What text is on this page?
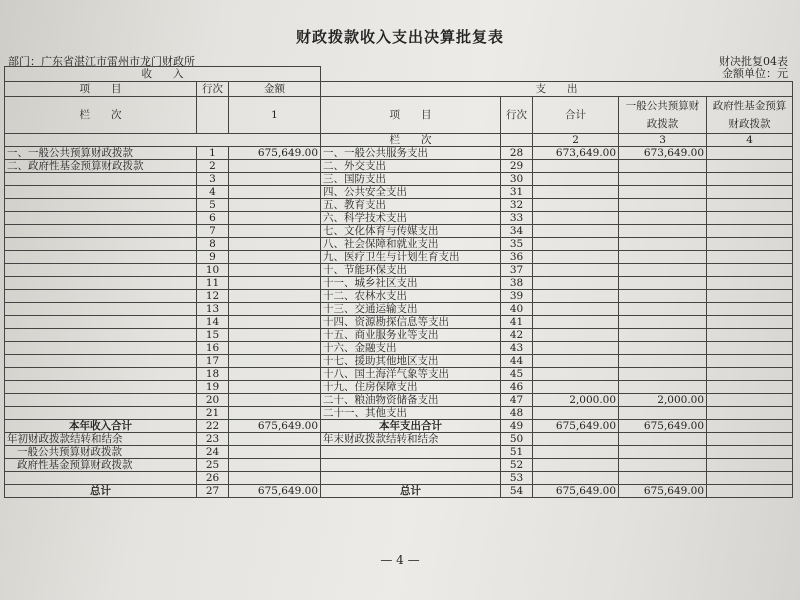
财政拨款收入支出决算批复表
部门：广东省湛江市雷州市龙门财政所	财决批复04表
金额单位：元
收　　入							
项　　目	行次	金额	支　　出				
			项　　目	行次	合计	一般公共预算财政拨款	政府性基金预算财政拨款
栏　　次		1					
			栏　　次		2	3	4
一、一般公共预算财政拨款	1	675,649.00	一、一般公共服务支出	28	673,649.00	673,649.00	
二、政府性基金预算财政拨款	2		二、外交支出	29			
	3		三、国防支出	30			
	4		四、公共安全支出	31			
	5		五、教育支出	32			
	6		六、科学技术支出	33			
	7		七、文化体育与传媒支出	34			
	8		八、社会保障和就业支出	35			
	9		九、医疗卫生与计划生育支出	36			
	10		十、节能环保支出	37			
	11		十一、城乡社区支出	38			
	12		十二、农林水支出	39			
	13		十三、交通运输支出	40			
	14		十四、资源勘探信息等支出	41			
	15		十五、商业服务业等支出	42			
	16		十六、金融支出	43			
	17		十七、援助其他地区支出	44			
	18		十八、国土海洋气象等支出	45			
	19		十九、住房保障支出	46			
	20		二十、粮油物资储备支出	47	2,000.00	2,000.00	
	21		二十一、其他支出	48			
本年收入合计	22	675,649.00	本年支出合计	49	675,649.00	675,649.00	
年初财政拨款结转和结余	23		年末财政拨款结转和结余	50			
一般公共预算财政拨款	24			51			
政府性基金预算财政拨款	25			52			
	26			53			
总计	27	675,649.00	总计	54	675,649.00	675,649.00	
— 4 —
